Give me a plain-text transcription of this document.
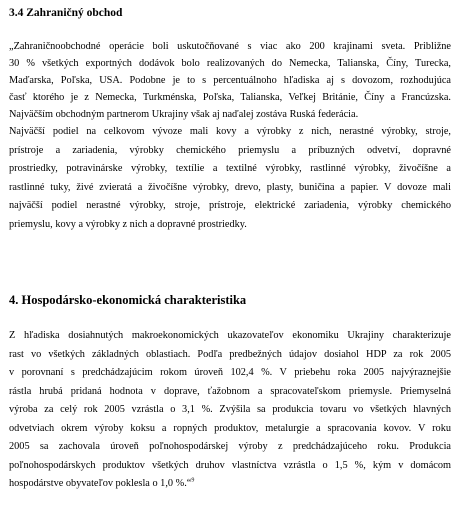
3.4 Zahraničný obchod
„Zahraničnoobchodné operácie boli uskutočňované s viac ako 200 krajinami sveta. Približne
30 % všetkých exportných dodávok bolo realizovaných do Nemecka, Talianska, Číny, Turecka,
Maďarska, Poľska, USA. Podobne je to s percentuálnoho hľadiska aj s dovozom, rozhodujúca
časť ktorého je z Nemecka, Turkménska, Poľska, Talianska, Veľkej Británie, Číny a Francúzska.
Najväčším obchodným partnerom Ukrajiny však aj naďalej zostáva Ruská federácia.
Najväčší podiel na celkovom vývoze mali kovy a výrobky z nich, nerastné výrobky, stroje,
prístroje a zariadenia, výrobky chemického priemyslu a príbuzných odvetví, dopravné
prostriedky, potravinárske výrobky, textílie a textilné výrobky, rastlinné výrobky, živočíšne a
rastlinné tuky, živé zvieratá a živočíšne výrobky, drevo, plasty, buničina a papier. V dovoze mali
najväčší podiel nerastné výrobky, stroje, prístroje, elektrické zariadenia, výrobky chemického
priemyslu, kovy a výrobky z nich a dopravné prostriedky.
4. Hospodársko-ekonomická charakteristika
Z hľadiska dosiahnutých makroekonomických ukazovateľov ekonomiku Ukrajiny charakterizuje
rast vo všetkých základných oblastiach. Podľa predbežných údajov dosiahol HDP za rok 2005
v porovnaní s predchádzajúcim rokom úroveň 102,4 %. V priebehu roka 2005 najvýraznejšie
rástla hrubá pridaná hodnota v doprave, ťažobnom a spracovateľskom priemysle. Priemyselná
výroba za celý rok 2005 vzrástla o 3,1 %. Zvýšila sa produkcia tovaru vo všetkých hlavných
odvetviach okrem výroby koksu a ropných produktov, metalurgie a spracovania kovov. V roku
2005 sa zachovala úroveň poľnohospodárskej výroby z predchádzajúceho roku. Produkcia
poľnohospodárskych produktov všetkých druhov vlastníctva vzrástla o 1,5 %, kým v domácom
hospodárstve obyvateľov poklesla o 1,0 %.“$^9$
